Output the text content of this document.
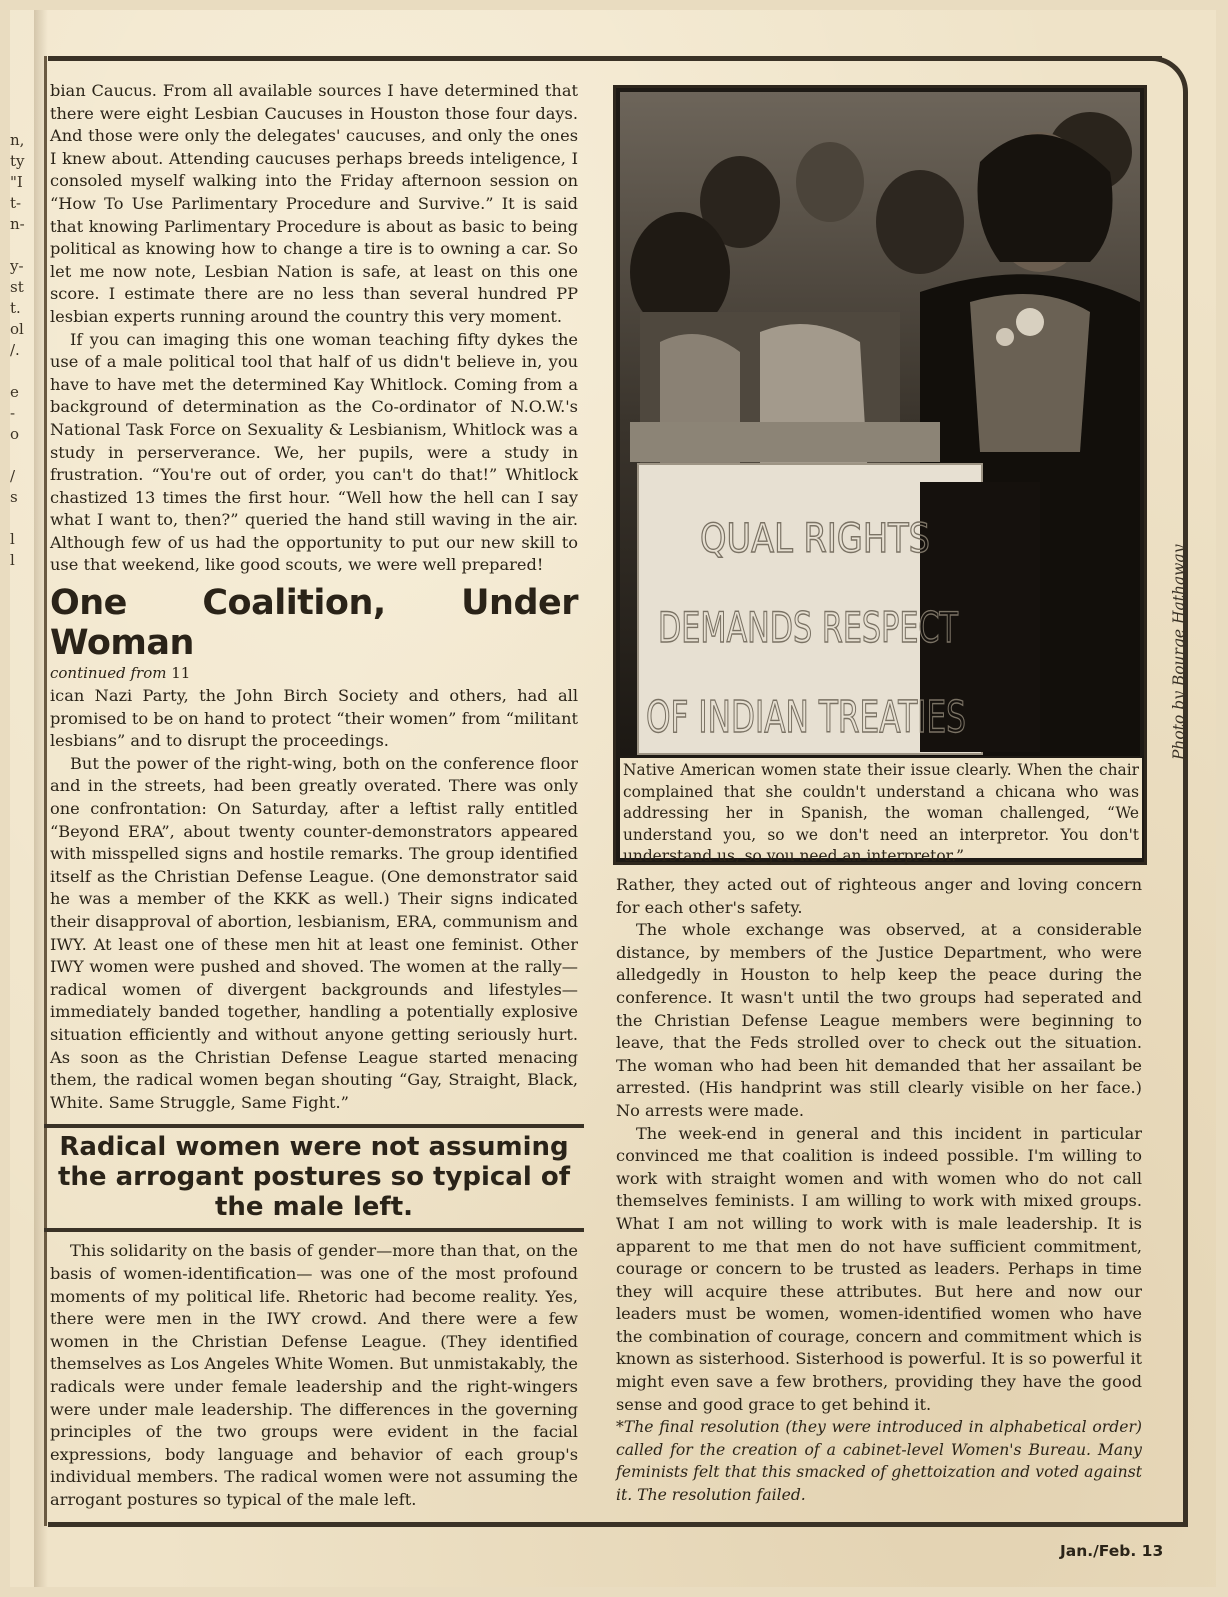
n,
ty
"I
t-
n-
y-
st
t.
ol
/.
e
-
o
/
s
l
l

bian Caucus. From all available sources I have determined that there were eight Lesbian Caucuses in Houston those four days. And those were only the delegates' caucuses, and only the ones I knew about. Attending caucuses perhaps breeds inteligence, I consoled myself walking into the Friday afternoon session on “How To Use Parlimentary Procedure and Survive.” It is said that knowing Parlimentary Procedure is about as basic to being political as knowing how to change a tire is to owning a car. So let me now note, Lesbian Nation is safe, at least on this one score. I estimate there are no less than several hundred PP lesbian experts running around the country this very moment.

If you can imaging this one woman teaching fifty dykes the use of a male political tool that half of us didn't believe in, you have to have met the determined Kay Whitlock. Coming from a background of determination as the Co-ordinator of N.O.W.'s National Task Force on Sexuality & Lesbianism, Whitlock was a study in perserverance. We, her pupils, were a study in frustration. “You're out of order, you can't do that!” Whitlock chastized 13 times the first hour. “Well how the hell can I say what I want to, then?” queried the hand still waving in the air. Although few of us had the opportunity to put our new skill to use that weekend, like good scouts, we were well prepared!

One Coalition, Under Woman
continued from 11

ican Nazi Party, the John Birch Society and others, had all promised to be on hand to protect “their women” from “militant lesbians” and to disrupt the proceedings.

But the power of the right-wing, both on the conference floor and in the streets, had been greatly overated. There was only one confrontation: On Saturday, after a leftist rally entitled “Beyond ERA”, about twenty counter-demonstrators appeared with misspelled signs and hostile remarks. The group identified itself as the Christian Defense League. (One demonstrator said he was a member of the KKK as well.) Their signs indicated their disapproval of abortion, lesbianism, ERA, communism and IWY. At least one of these men hit at least one feminist. Other IWY women were pushed and shoved. The women at the rally—radical women of divergent backgrounds and lifestyles—immediately banded together, handling a potentially explosive situation efficiently and without anyone getting seriously hurt. As soon as the Christian Defense League started menacing them, the radical women began shouting “Gay, Straight, Black, White. Same Struggle, Same Fight.”

Radical women were not assuming the arrogant postures so typical of the male left.

This solidarity on the basis of gender—more than that, on the basis of women-identification— was one of the most profound moments of my political life. Rhetoric had become reality. Yes, there were men in the IWY crowd. And there were a few women in the Christian Defense League. (They identified themselves as Los Angeles White Women. But unmistakably, the radicals were under female leadership and the right-wingers were under male leadership. The differences in the governing principles of the two groups were evident in the facial expressions, body language and behavior of each group's individual members. The radical women were not assuming the arrogant postures so typical of the male left.

QUAL RIGHTS
DEMANDS RESPECT
OF INDIAN TREATIES
Native American women state their issue clearly. When the chair complained that she couldn't understand a chicana who was addressing her in Spanish, the woman challenged, “We understand you, so we don't need an interpretor. You don't understand us, so you need an interpretor.”
Photo by Bourge Hathaway

Rather, they acted out of righteous anger and loving concern for each other's safety.

The whole exchange was observed, at a considerable distance, by members of the Justice Department, who were alledgedly in Houston to help keep the peace during the conference. It wasn't until the two groups had seperated and the Christian Defense League members were beginning to leave, that the Feds strolled over to check out the situation. The woman who had been hit demanded that her assailant be arrested. (His handprint was still clearly visible on her face.) No arrests were made.

The week-end in general and this incident in particular convinced me that coalition is indeed possible. I'm willing to work with straight women and with women who do not call themselves feminists. I am willing to work with mixed groups. What I am not willing to work with is male leadership. It is apparent to me that men do not have sufficient commitment, courage or concern to be trusted as leaders. Perhaps in time they will acquire these attributes. But here and now our leaders must be women, women-identified women who have the combination of courage, concern and commitment which is known as sisterhood. Sisterhood is powerful. It is so powerful it might even save a few brothers, providing they have the good sense and good grace to get behind it.

*The final resolution (they were introduced in alphabetical order) called for the creation of a cabinet-level Women's Bureau. Many feminists felt that this smacked of ghettoization and voted against it. The resolution failed.

Jan./Feb. 13
